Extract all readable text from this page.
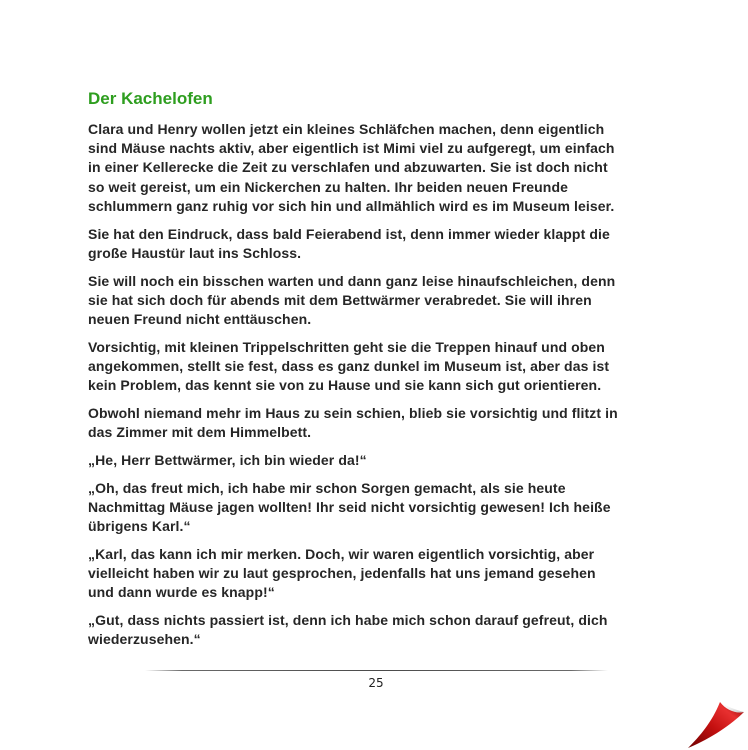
Der Kachelofen

Clara und Henry wollen jetzt ein kleines Schläfchen machen, denn eigentlich
sind Mäuse nachts aktiv, aber eigentlich ist Mimi viel zu aufgeregt, um einfach
in einer Kellerecke die Zeit zu verschlafen und abzuwarten. Sie ist doch nicht
so weit gereist, um ein Nickerchen zu halten. Ihr beiden neuen Freunde
schlummern ganz ruhig vor sich hin und allmählich wird es im Museum leiser.

Sie hat den Eindruck, dass bald Feierabend ist, denn immer wieder klappt die
große Haustür laut ins Schloss.

Sie will noch ein bisschen warten und dann ganz leise hinaufschleichen, denn
sie hat sich doch für abends mit dem Bettwärmer verabredet. Sie will ihren
neuen Freund nicht enttäuschen.

Vorsichtig, mit kleinen Trippelschritten geht sie die Treppen hinauf und oben
angekommen, stellt sie fest, dass es ganz dunkel im Museum ist, aber das ist
kein Problem, das kennt sie von zu Hause und sie kann sich gut orientieren.

Obwohl niemand mehr im Haus zu sein schien, blieb sie vorsichtig und flitzt in
das Zimmer mit dem Himmelbett.

„He, Herr Bettwärmer, ich bin wieder da!“

„Oh, das freut mich, ich habe mir schon Sorgen gemacht, als sie heute
Nachmittag Mäuse jagen wollten! Ihr seid nicht vorsichtig gewesen! Ich heiße
übrigens Karl.“

„Karl, das kann ich mir merken. Doch, wir waren eigentlich vorsichtig, aber
vielleicht haben wir zu laut gesprochen, jedenfalls hat uns jemand gesehen
und dann wurde es knapp!“

„Gut, dass nichts passiert ist, denn ich habe mich schon darauf gefreut, dich
wiederzusehen.“

25
